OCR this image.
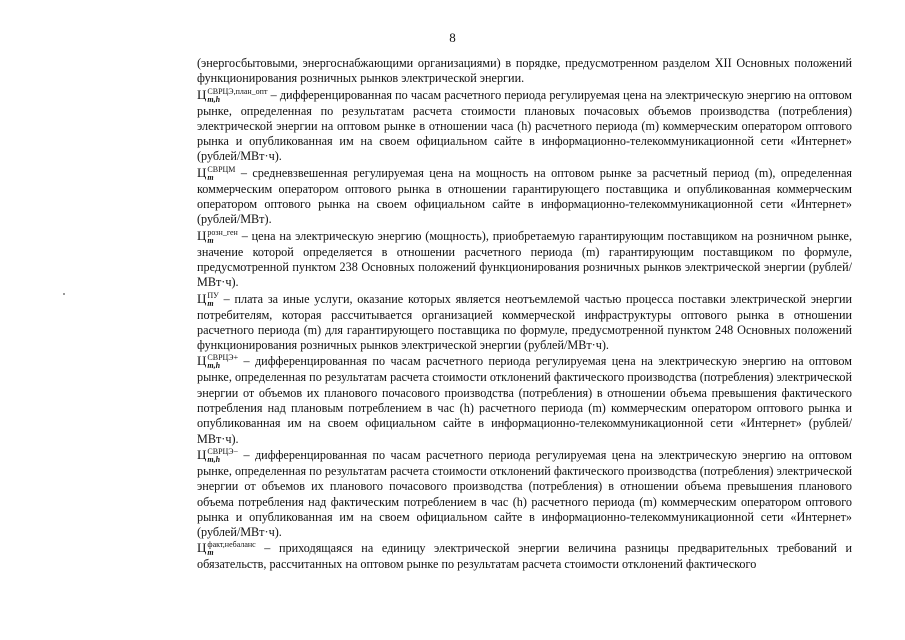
8

(энергосбытовыми, энергоснабжающими организациями) в порядке, предусмотренном разделом XII Основных положений функционирования розничных рынков электрической энергии.

Ц СВРЦЭ,план_опт
m,h	– дифференцированная по часам расчетного периода регулируемая цена на электрическую энергию на оптовом рынке, определенная по результатам расчета стоимости плановых почасовых объемов производства (потребления) электрической энергии на оптовом рынке в отношении часа (h) расчетного периода (m) коммерческим оператором оптового рынка и опубликованная им на своем официальном сайте в информационно-телекоммуникационной сети «Интернет» (рублей/МВт·ч).

Ц СВРЦМ
m	– средневзвешенная регулируемая цена на мощность на оптовом рынке за расчетный период (m), определенная коммерческим оператором оптового рынка в отношении гарантирующего поставщика и опубликованная коммерческим оператором оптового рынка на своем официальном сайте в информационно-телекоммуникационной сети «Интернет» (рублей/МВт).

Ц розн_ген
m	– цена на электрическую энергию (мощность), приобретаемую гарантирующим поставщиком на розничном рынке, значение которой определяется в отношении расчетного периода (m) гарантирующим поставщиком по формуле, предусмотренной пунктом 238 Основных положений функционирования розничных рынков электрической энергии (рублей/МВт·ч).

Ц ПУ
m – плата за иные услуги, оказание которых является неотъемлемой частью процесса поставки электрической энергии потребителям, которая рассчитывается организацией коммерческой инфраструктуры оптового рынка в отношении расчетного периода (m) для гарантирующего поставщика по формуле, предусмотренной пунктом 248 Основных положений функционирования розничных рынков электрической энергии (рублей/МВт·ч).

Ц СВРЦЭ+
m,h	– дифференцированная по часам расчетного периода регулируемая цена на электрическую энергию на оптовом рынке, определенная по результатам расчета стоимости отклонений фактического производства (потребления) электрической энергии от объемов их планового почасового производства (потребления) в отношении объема превышения фактического потребления над плановым потреблением в час (h) расчетного периода (m) коммерческим оператором оптового рынка и опубликованная им на своем официальном сайте в информационно-телекоммуникационной сети «Интернет» (рублей/МВт·ч).

Ц СВРЦЭ−
m,h	– дифференцированная по часам расчетного периода регулируемая цена на электрическую энергию на оптовом рынке, определенная по результатам расчета стоимости отклонений фактического производства (потребления) электрической энергии от объемов их планового почасового производства (потребления) в отношении объема превышения планового объема потребления над фактическим потреблением в час (h) расчетного периода (m) коммерческим оператором оптового рынка и опубликованная им на своем официальном сайте в информационно-телекоммуникационной сети «Интернет» (рублей/МВт·ч).

Ц факт,небаланс
m	– приходящаяся на единицу электрической энергии величина разницы предварительных требований и обязательств, рассчитанных на оптовом рынке по результатам расчета стоимости отклонений фактического
